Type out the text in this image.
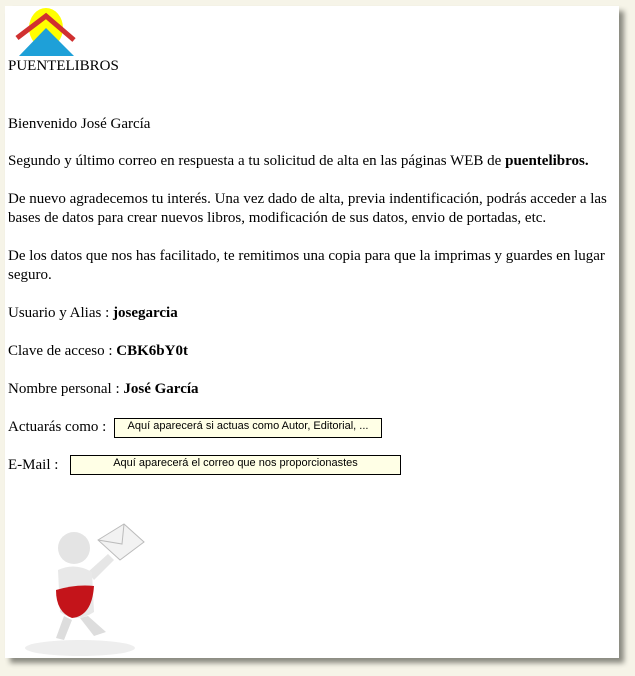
PUENTELIBROS
Bienvenido José García
Segundo y último correo en respuesta a tu solicitud de alta en las páginas WEB de puentelibros.
De nuevo agradecemos tu interés. Una vez dado de alta, previa indentificación, podrás acceder a las bases de datos para crear nuevos libros, modificación de sus datos, envio de portadas, etc.
De los datos que nos has facilitado, te remitimos una copia para que la imprimas y guardes en lugar seguro.
Usuario y Alias : josegarcia
Clave de acceso : CBK6bY0t
Nombre personal : José García
Actuarás como :	Aquí aparecerá si actuas como Autor, Editorial, ...
E-Mail :	Aquí aparecerá el correo que nos proporcionastes
